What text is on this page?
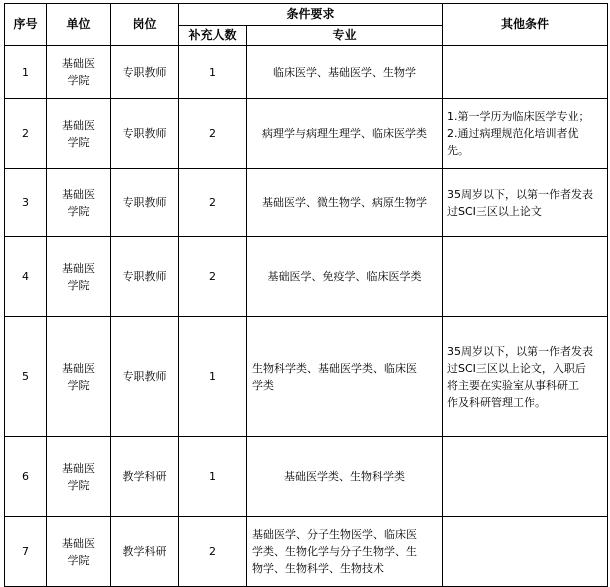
序号	单位	岗位	条件要求		其他条件
			补充人数	专业	
1	基础医
学院	专职教师	1	临床医学、基础医学、生物学	

2	基础医
学院	专职教师	2	病理学与病理生理学、临床医学类	1.第一学历为临床医学专业；
2.通过病理规范化培训者优
先。

3	基础医
学院	专职教师	2	基础医学、微生物学、病原生物学	35周岁以下，以第一作者发表
过SCI三区以上论文

4	基础医
学院	专职教师	2	基础医学、免疫学、临床医学类	

5	基础医
学院	专职教师	1	生物科学类、基础医学类、临床医
学类	35周岁以下，以第一作者发表
过SCI三区以上论文，入职后
将主要在实验室从事科研工
作及科研管理工作。

6	基础医
学院	教学科研	1	基础医学类、生物科学类	

7	基础医
学院	教学科研	2	基础医学、分子生物医学、临床医
学类、生物化学与分子生物学、生
物学、生物科学、生物技术	
